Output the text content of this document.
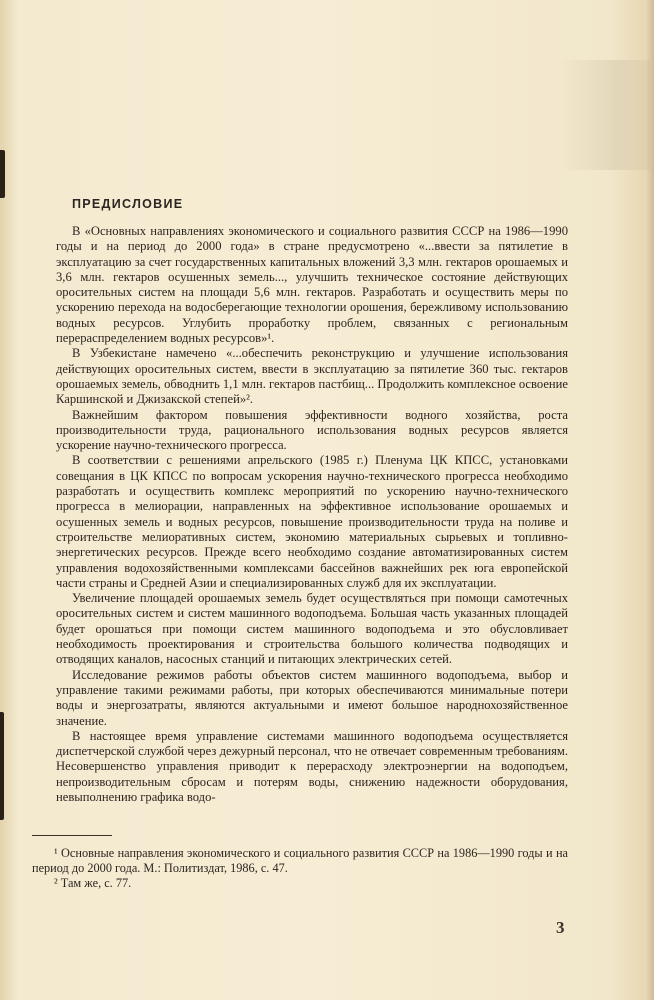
ПРЕДИСЛОВИЕ

В «Основных направлениях экономического и социального развития СССР на 1986—1990 годы и на период до 2000 года» в стране предусмотрено «...ввести за пятилетие в эксплуатацию за счет государственных капитальных вложений 3,3 млн. гектаров орошаемых и 3,6 млн. гектаров осушенных земель..., улучшить техническое состояние действующих оросительных систем на площади 5,6 млн. гектаров. Разработать и осуществить меры по ускорению перехода на водосберегающие технологии орошения, бережливому использованию водных ресурсов. Углубить проработку проблем, связанных с региональным перераспределением водных ресурсов»¹.

В Узбекистане намечено «...обеспечить реконструкцию и улучшение использования действующих оросительных систем, ввести в эксплуатацию за пятилетие 360 тыс. гектаров орошаемых земель, обводнить 1,1 млн. гектаров пастбищ... Продолжить комплексное освоение Каршинской и Джизакской степей»².

Важнейшим фактором повышения эффективности водного хозяйства, роста производительности труда, рационального использования водных ресурсов является ускорение научно-технического прогресса.

В соответствии с решениями апрельского (1985 г.) Пленума ЦК КПСС, установками совещания в ЦК КПСС по вопросам ускорения научно-технического прогресса необходимо разработать и осуществить комплекс мероприятий по ускорению научно-технического прогресса в мелиорации, направленных на эффективное использование орошаемых и осушенных земель и водных ресурсов, повышение производительности труда на поливе и строительстве мелиоративных систем, экономию материальных сырьевых и топливно-энергетических ресурсов. Прежде всего необходимо создание автоматизированных систем управления водохозяйственными комплексами бассейнов важнейших рек юга европейской части страны и Средней Азии и специализированных служб для их эксплуатации.

Увеличение площадей орошаемых земель будет осуществляться при помощи самотечных оросительных систем и систем машинного водоподъема. Большая часть указанных площадей будет орошаться при помощи систем машинного водоподъема и это обусловливает необходимость проектирования и строительства большого количества подводящих и отводящих каналов, насосных станций и питающих электрических сетей.

Исследование режимов работы объектов систем машинного водоподъема, выбор и управление такими режимами работы, при которых обеспечиваются минимальные потери воды и энергозатраты, являются актуальными и имеют большое народнохозяйственное значение.

В настоящее время управление системами машинного водоподъема осуществляется диспетчерской службой через дежурный персонал, что не отвечает современным требованиям. Несовершенство управления приводит к перерасходу электроэнергии на водоподъем, непроизводительным сбросам и потерям воды, снижению надежности оборудования, невыполнению графика водо-

¹ Основные направления экономического и социального развития СССР на 1986—1990 годы и на период до 2000 года. М.: Политиздат, 1986, с. 47.

² Там же, с. 77.

3
